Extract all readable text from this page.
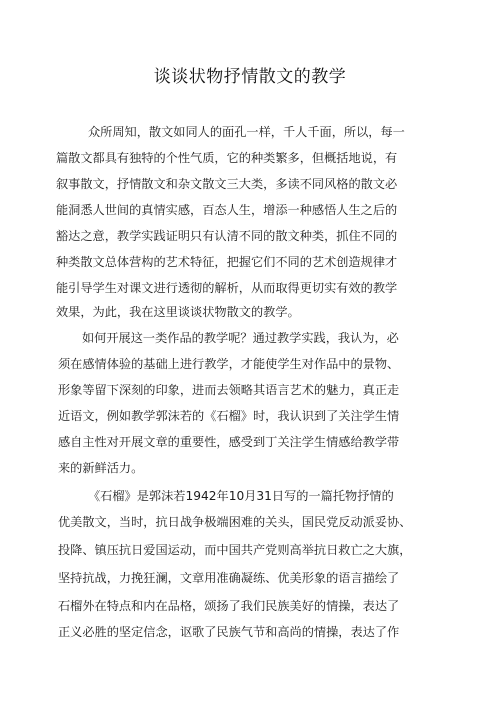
谈谈状物抒情散文的教学
众所周知，散文如同人的面孔一样，千人千面，所以，每一
篇散文都具有独特的个性气质，它的种类繁多，但概括地说，有
叙事散文，抒情散文和杂文散文三大类，多读不同风格的散文必
能洞悉人世间的真情实感，百态人生，增添一种感悟人生之后的
豁达之意，教学实践证明只有认清不同的散文种类，抓住不同的
种类散文总体营构的艺术特征，把握它们不同的艺术创造规律才
能引导学生对课文进行透彻的解析，从而取得更切实有效的教学
效果，为此，我在这里谈谈状物散文的教学。
如何开展这一类作品的教学呢？通过教学实践，我认为，必
须在感情体验的基础上进行教学，才能使学生对作品中的景物、
形象等留下深刻的印象，进而去领略其语言艺术的魅力，真正走
近语文，例如教学郭沫若的《石榴》时，我认识到了关注学生情
感自主性对开展文章的重要性，感受到丁关注学生情感给教学带
来的新鲜活力。
《石榴》是郭沫若1942年10月31日写的一篇托物抒情的
优美散文，当时，抗日战争极端困难的关头，国民党反动派妥协、
投降、镇压抗日爱国运动，而中国共产党则高举抗日救亡之大旗，
坚持抗战，力挽狂澜，文章用准确凝练、优美形象的语言描绘了
石榴外在特点和内在品格，颂扬了我们民族美好的情操，表达了
正义必胜的坚定信念，讴歌了民族气节和高尚的情操，表达了作
